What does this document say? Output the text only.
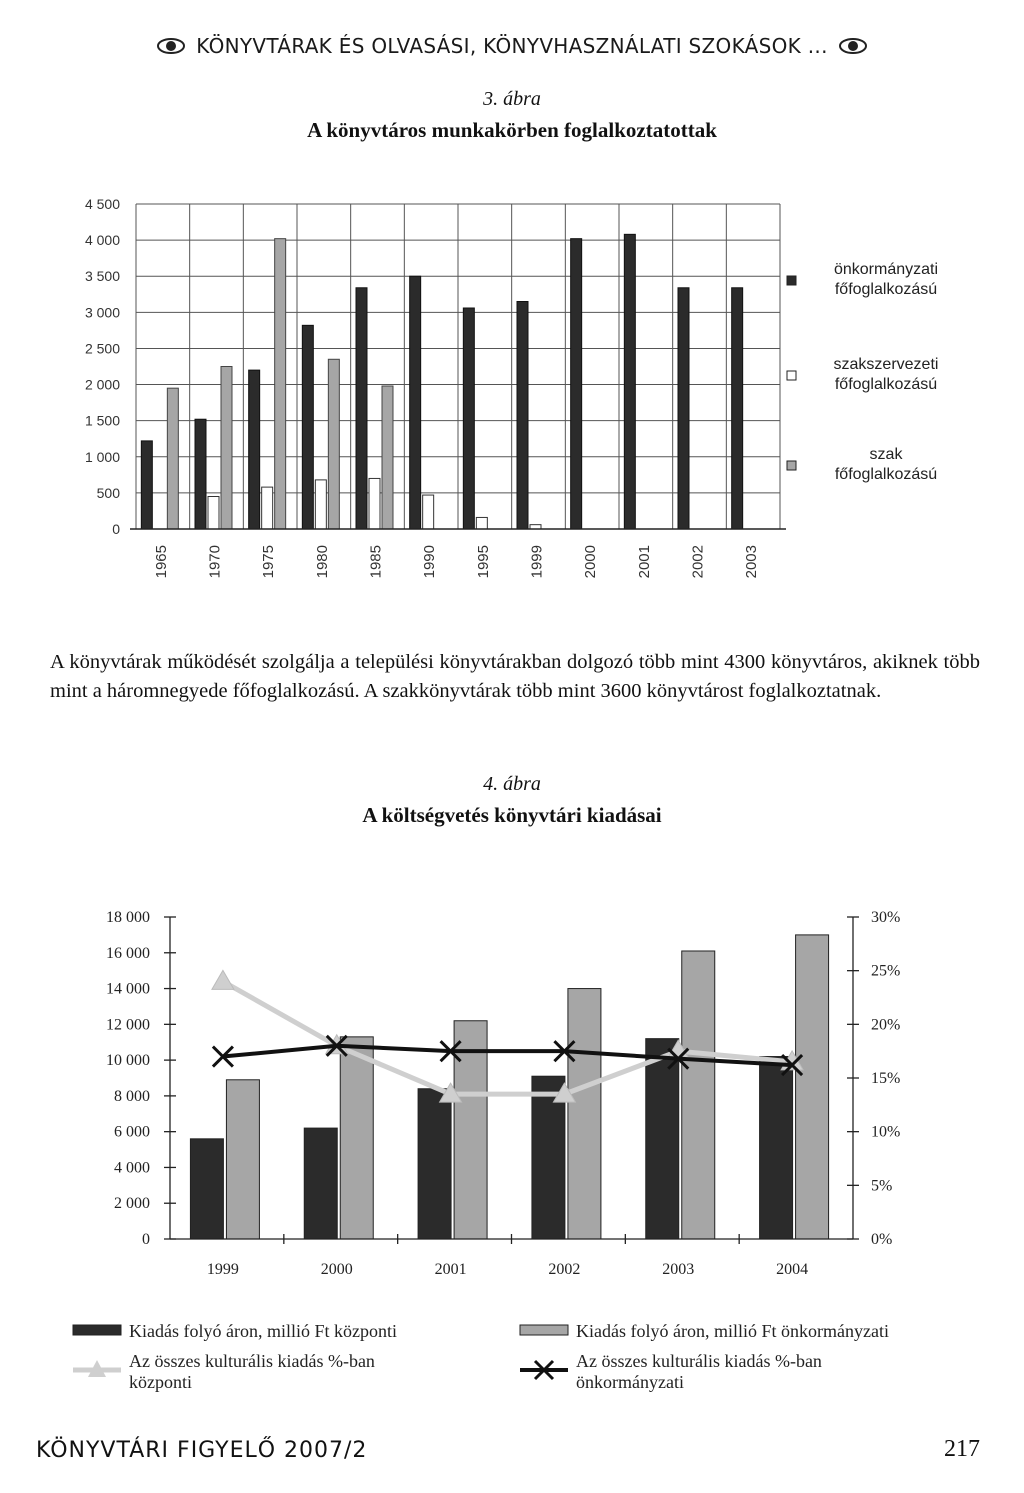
KÖNYVTÁRAK ÉS OLVASÁSI, KÖNYVHASZNÁLATI SZOKÁSOK ...
3. ábra
A könyvtáros munkakörben foglalkoztatottak
0
500
1 000
1 500
2 000
2 500
3 000
3 500
4 000
4 500
1965 1970 1975 1980 1985 1990 1995 1999 2000 2001 2002 2003
önkormányzati főfoglalkozású
szakszervezeti főfoglalkozású
szak főfoglalkozású
A könyvtárak működését szolgálja a települési könyvtárakban dolgozó több mint 4300 könyvtáros, akiknek több mint a háromnegyede főfoglalkozású. A szakkönyvtárak több mint 3600 könyvtárost foglalkoztatnak.
4. ábra
A költségvetés könyvtári kiadásai
0
2 000
4 000
6 000
8 000
10 000
12 000
14 000
16 000
18 000
0%
5%
10%
15%
20%
25%
30%
1999	2000	2001	2002	2003	2004
Kiadás folyó áron, millió Ft központi	Kiadás folyó áron, millió Ft önkormányzati
Az összes kulturális kiadás %-ban központi
Az összes kulturális kiadás %-ban önkormányzati
KÖNYVTÁRI FIGYELŐ 2007/2	217
